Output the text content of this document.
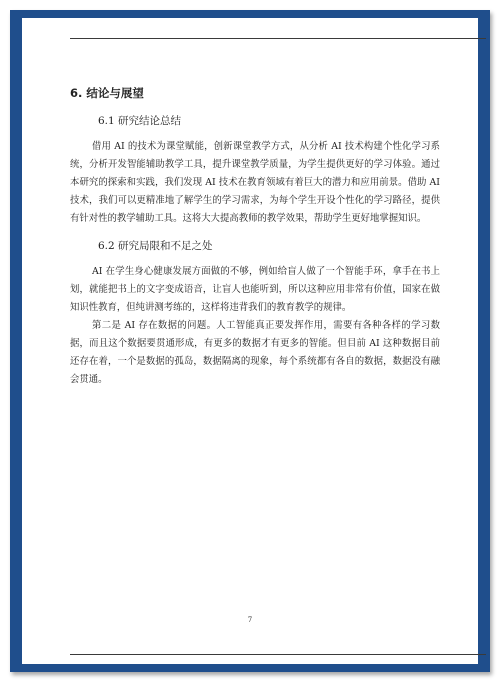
6. 结论与展望
6.1 研究结论总结

借用 AI 的技术为课堂赋能，创新课堂教学方式，从分析 AI 技术构建个性化学习系统，分析开发智能辅助教学工具，提升课堂教学质量，为学生提供更好的学习体验。通过本研究的探索和实践，我们发现 AI 技术在教育领域有着巨大的潜力和应用前景。借助 AI 技术，我们可以更精准地了解学生的学习需求，为每个学生开设个性化的学习路径，提供有针对性的教学辅助工具。这将大大提高教师的教学效果，帮助学生更好地掌握知识。

6.2 研究局限和不足之处

AI 在学生身心健康发展方面做的不够，例如给盲人做了一个智能手环，拿手在书上划，就能把书上的文字变成语音，让盲人也能听到，所以这种应用非常有价值，国家在做知识性教育，但纯讲测考练的，这样将违背我们的教育教学的规律。

第二是 AI 存在数据的问题。人工智能真正要发挥作用，需要有各种各样的学习数据，而且这个数据要贯通形成，有更多的数据才有更多的智能。但目前 AI 这种数据目前还存在着，一个是数据的孤岛，数据隔离的现象，每个系统都有各自的数据，数据没有融会贯通。

7
